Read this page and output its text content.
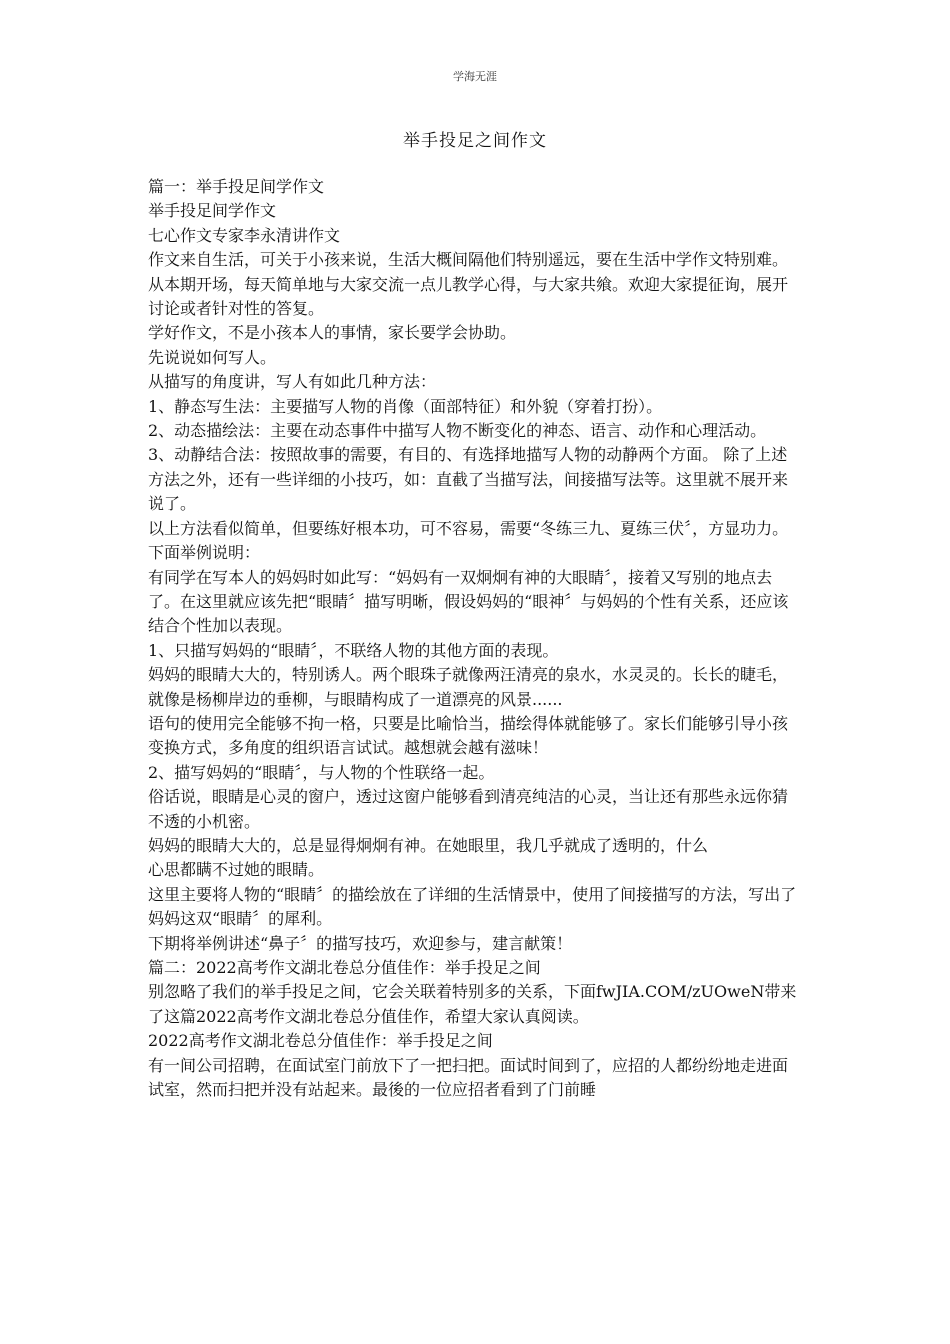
学海无涯
举手投足之间作文

篇一：举手投足间学作文

举手投足间学作文

七心作文专家李永清讲作文

作文来自生活，可关于小孩来说，生活大概间隔他们特别遥远，要在生活中学作文特别难。从本期开场，每天简单地与大家交流一点儿教学心得，与大家共飨。欢迎大家提征询，展开讨论或者针对性的答复。

学好作文，不是小孩本人的事情，家长要学会协助。

先说说如何写人。

从描写的角度讲，写人有如此几种方法：

1、静态写生法：主要描写人物的肖像（面部特征）和外貌（穿着打扮）。

2、动态描绘法：主要在动态事件中描写人物不断变化的神态、语言、动作和心理活动。

3、动静结合法：按照故事的需要，有目的、有选择地描写人物的动静两个方面。 除了上述方法之外，还有一些详细的小技巧，如：直截了当描写法，间接描写法等。这里就不展开来说了。

以上方法看似简单，但要练好根本功，可不容易，需要“冬练三九、夏练三伏〞，方显功力。

下面举例说明：

有同学在写本人的妈妈时如此写：“妈妈有一双炯炯有神的大眼睛〞，接着又写别的地点去了。在这里就应该先把“眼睛〞描写明晰，假设妈妈的“眼神〞与妈妈的个性有关系，还应该结合个性加以表现。

1、只描写妈妈的“眼睛〞，不联络人物的其他方面的表现。

妈妈的眼睛大大的，特别诱人。两个眼珠子就像两汪清亮的泉水，水灵灵的。长长的睫毛，就像是杨柳岸边的垂柳，与眼睛构成了一道漂亮的风景......

语句的使用完全能够不拘一格，只要是比喻恰当，描绘得体就能够了。家长们能够引导小孩变换方式，多角度的组织语言试试。越想就会越有滋味！

2、描写妈妈的“眼睛〞，与人物的个性联络一起。

俗话说，眼睛是心灵的窗户，透过这窗户能够看到清亮纯洁的心灵，当让还有那些永远你猜不透的小机密。

妈妈的眼睛大大的，总是显得炯炯有神。在她眼里，我几乎就成了透明的，什么

心思都瞒不过她的眼睛。

这里主要将人物的“眼睛〞的描绘放在了详细的生活情景中，使用了间接描写的方法，写出了妈妈这双“眼睛〞的犀利。

下期将举例讲述“鼻子〞的描写技巧，欢迎参与，建言献策！

篇二：2022高考作文湖北卷总分值佳作：举手投足之间

别忽略了我们的举手投足之间，它会关联着特别多的关系，下面fwJIA.COM/zUOweN带来了这篇2022高考作文湖北卷总分值佳作，希望大家认真阅读。

2022高考作文湖北卷总分值佳作：举手投足之间

有一间公司招聘，在面试室门前放下了一把扫把。面试时间到了，应招的人都纷纷地走进面试室，然而扫把并没有站起来。最後的一位应招者看到了门前睡
